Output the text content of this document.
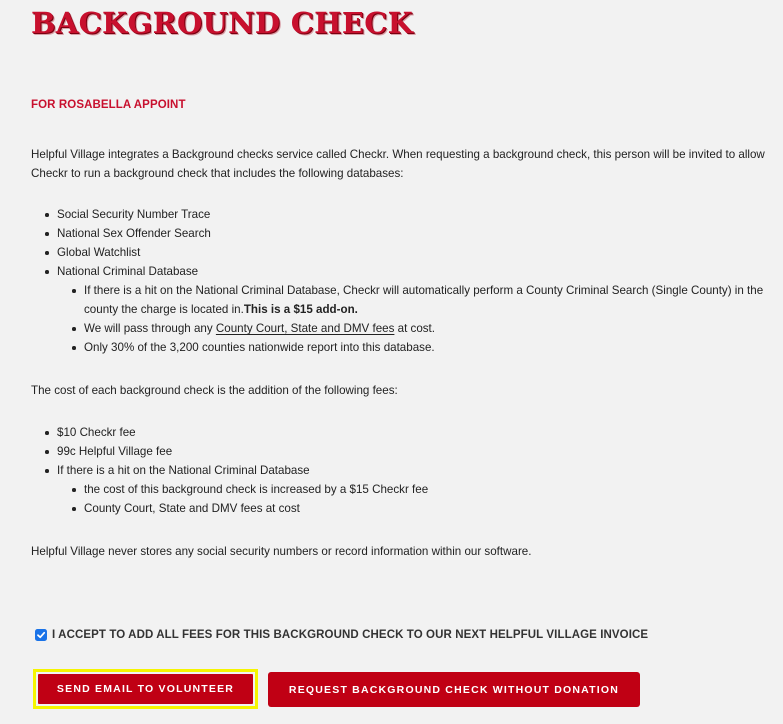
BACKGROUND CHECK
FOR ROSABELLA APPOINT

Helpful Village integrates a Background checks service called Checkr. When requesting a background check, this person will be invited to allow Checkr to run a background check that includes the following databases:

Social Security Number Trace
National Sex Offender Search
Global Watchlist
National Criminal Database
If there is a hit on the National Criminal Database, Checkr will automatically perform a County Criminal Search (Single County) in the county the charge is located in.This is a $15 add-on.
We will pass through any County Court, State and DMV fees at cost.
Only 30% of the 3,200 counties nationwide report into this database.

The cost of each background check is the addition of the following fees:

$10 Checkr fee
99c Helpful Village fee
If there is a hit on the National Criminal Database
the cost of this background check is increased by a $15 Checkr fee
County Court, State and DMV fees at cost

Helpful Village never stores any social security numbers or record information within our software.

I ACCEPT TO ADD ALL FEES FOR THIS BACKGROUND CHECK TO OUR NEXT HELPFUL VILLAGE INVOICE
SEND EMAIL TO VOLUNTEER	REQUEST BACKGROUND CHECK WITHOUT DONATION
